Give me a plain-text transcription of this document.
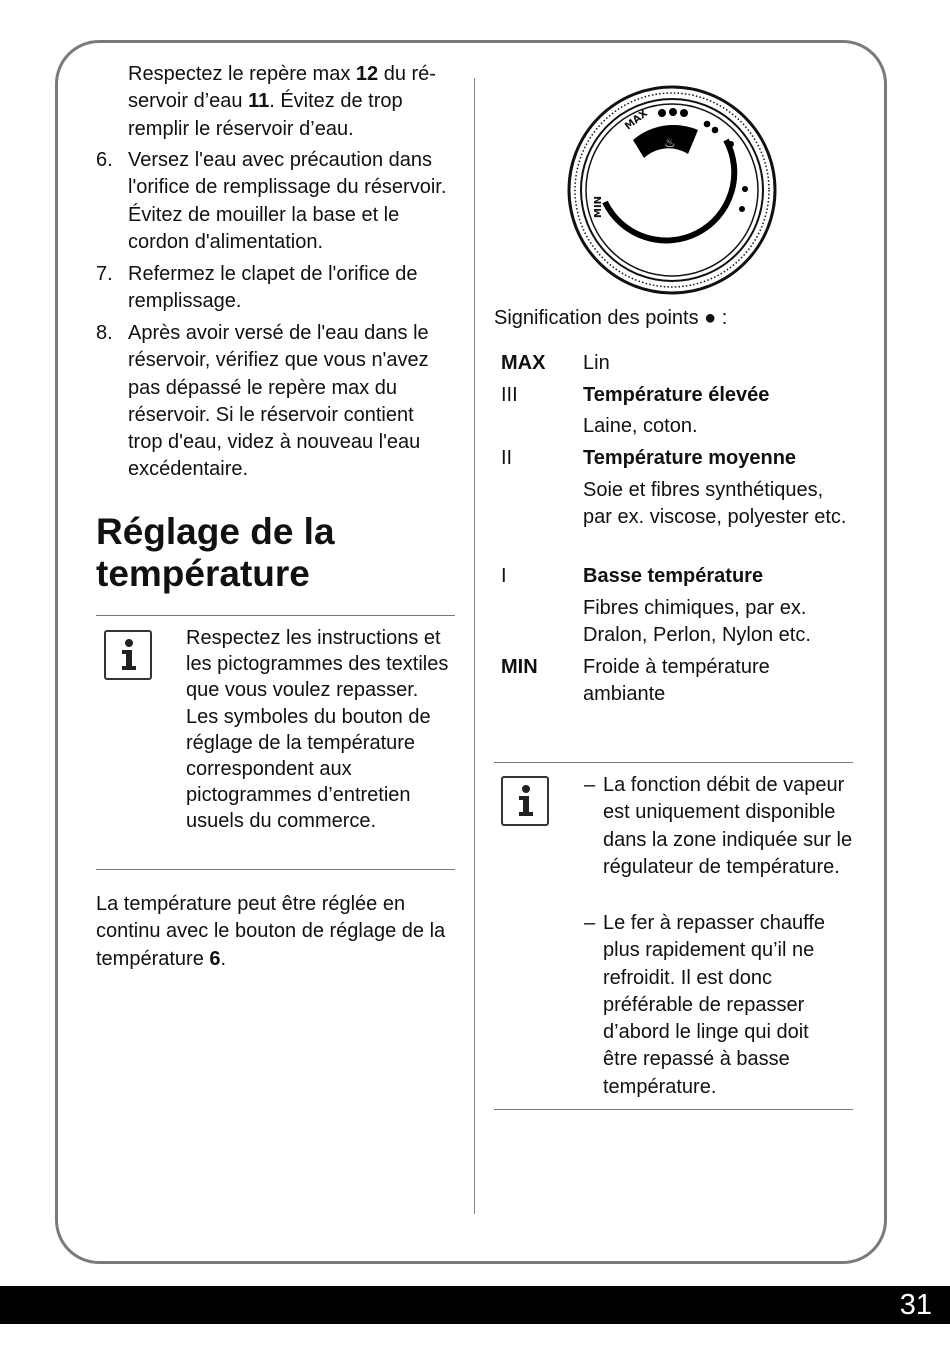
Respectez le repère max 12 du ré-servoir d’eau 11. Évitez de trop remplir le réservoir d’eau.
6. Versez l'eau avec précaution dans l'orifice de remplissage du réservoir. Évitez de mouiller la base et le cordon d'alimentation.
7. Refermez le clapet de l'orifice de remplissage.
8. Après avoir versé de l'eau dans le réservoir, vérifiez que vous n'avez pas dépassé le repère max du réservoir. Si le réservoir contient trop d'eau, videz à nouveau l'eau excédentaire.
Réglage de la température
Respectez les instructions et les pictogrammes des textiles que vous voulez repasser. Les symboles du bouton de réglage de la température correspondent aux pictogrammes d’entretien usuels du commerce.
La température peut être réglée en continu avec le bouton de réglage de la température 6.
♨
MAX
MIN
Signification des points ● :
MAX Lin
III	Température élevée
Laine, coton.
II	Température moyenne
Soie et fibres synthétiques, par ex. viscose, polyester etc.
I	Basse température
Fibres chimiques, par ex. Dralon, Perlon, Nylon etc.
MIN Froide à température ambiante
– La fonction débit de vapeur est uniquement disponible dans la zone indiquée sur le régulateur de température.
– Le fer à repasser chauffe plus rapidement qu’il ne refroidit. Il est donc préférable de repasser d’abord le linge qui doit être repassé à basse température.
31
